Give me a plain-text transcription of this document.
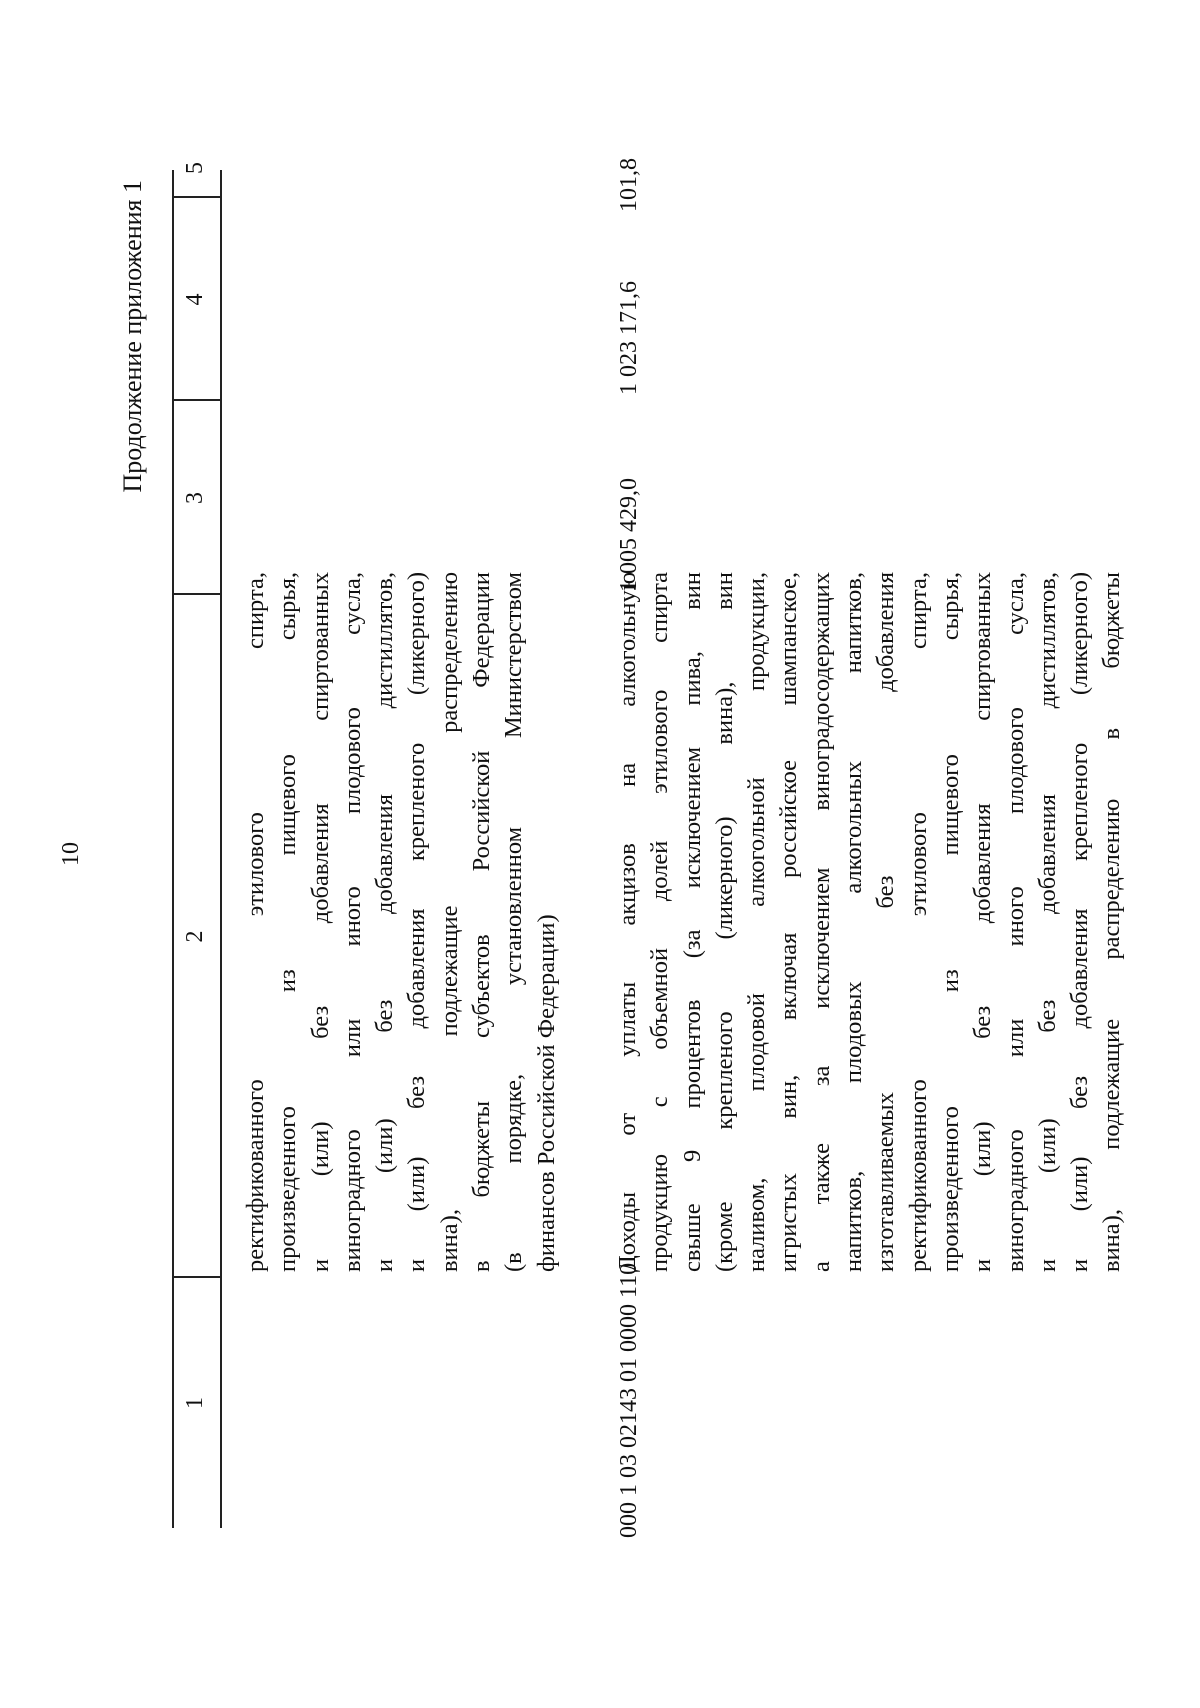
10
Продолжение приложения 1
1
2
3
4
5
ректификованного этилового спирта, произведенного из пищевого сырья, и (или) без добавления спиртованных виноградного или иного плодового сусла, и (или) без добавления дистиллятов, и (или) без добавления крепленого (ликерного) вина), подлежащие распределению в бюджеты субъектов Российской Федерации (в порядке, установленном Министерством финансов Российской Федерации)
000 1 03 02143 01 0000 110
Доходы от уплаты акцизов на алкогольную продукцию с объемной долей этилового спирта свыше 9 процентов (за исключением пива, вин (кроме крепленого (ликерного) вина), вин наливом, плодовой алкогольной продукции, игристых вин, включая российское шампанское, а также за исключением виноградосодержащих напитков, плодовых алкогольных напитков, изготавливаемых без добавления ректификованного этилового спирта, произведенного из пищевого сырья, и (или) без добавления спиртованных виноградного или иного плодового сусла, и (или) без добавления дистиллятов, и (или) без добавления крепленого (ликерного) вина), подлежащие распределению в бюджеты
1 005 429,0
1 023 171,6
101,8
